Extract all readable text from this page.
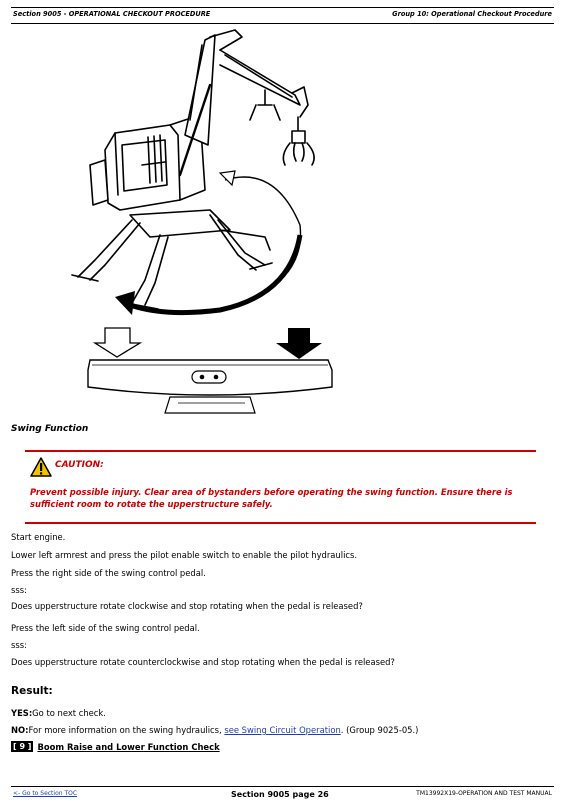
Section 9005 - OPERATIONAL CHECKOUT PROCEDURE	Group 10: Operational Checkout Procedure
Swing Function
CAUTION:
Prevent possible injury. Clear area of bystanders before operating the swing function. Ensure there is sufficient room to rotate the upperstructure safely.
Start engine.
Lower left armrest and press the pilot enable switch to enable the pilot hydraulics.
Press the right side of the swing control pedal.
sss:
Does upperstructure rotate clockwise and stop rotating when the pedal is released?
Press the left side of the swing control pedal.
sss:
Does upperstructure rotate counterclockwise and stop rotating when the pedal is released?
Result:
YES:Go to next check.
NO:For more information on the swing hydraulics, see Swing Circuit Operation. (Group 9025-05.)
[ 9 ] Boom Raise and Lower Function Check
<- Go to Section TOC	Section 9005 page 26	TM13992X19-OPERATION AND TEST MANUAL
